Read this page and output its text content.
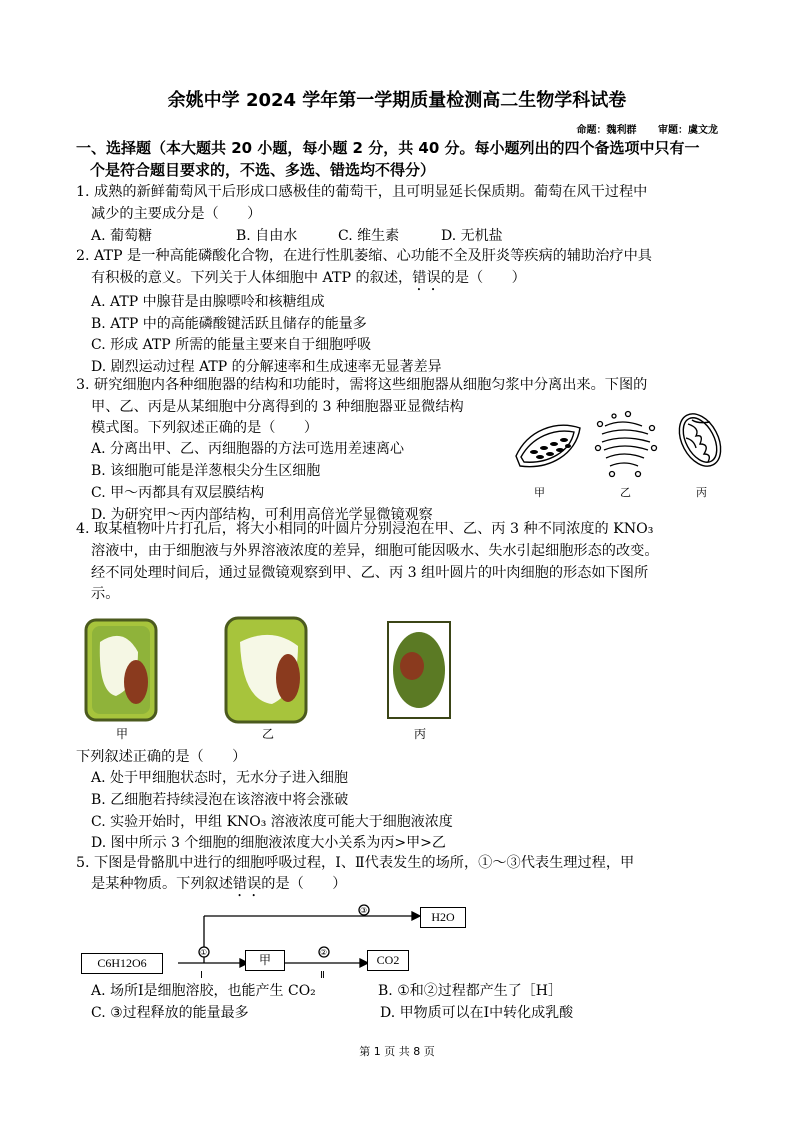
余姚中学 2024 学年第一学期质量检测高二生物学科试卷
命题：魏利群 审题：虞文龙
一、选择题（本大题共 20 小题，每小题 2 分，共 40 分。每小题列出的四个备选项中只有一
个是符合题目要求的，不选、多选、错选均不得分）
1. 成熟的新鲜葡萄风干后形成口感极佳的葡萄干，且可明显延长保质期。葡萄在风干过程中
减少的主要成分是（　　）
A. 葡萄糖	B. 自由水	C. 维生素	D. 无机盐
2. ATP 是一种高能磷酸化合物，在进行性肌萎缩、心功能不全及肝炎等疾病的辅助治疗中具
有积极的意义。下列关于人体细胞中 ATP 的叙述，错误的是（　　）
A. ATP 中腺苷是由腺嘌呤和核糖组成
B. ATP 中的高能磷酸键活跃且储存的能量多
C. 形成 ATP 所需的能量主要来自于细胞呼吸
D. 剧烈运动过程 ATP 的分解速率和生成速率无显著差异
3. 研究细胞内各种细胞器的结构和功能时，需将这些细胞器从细胞匀浆中分离出来。下图的
甲、乙、丙是从某细胞中分离得到的 3 种细胞器亚显微结构
模式图。下列叙述正确的是（　　）
A. 分离出甲、乙、丙细胞器的方法可选用差速离心
B. 该细胞可能是洋葱根尖分生区细胞
C. 甲～丙都具有双层膜结构
D. 为研究甲～丙内部结构，可利用高倍光学显微镜观察
甲	乙	丙
4. 取某植物叶片打孔后，将大小相同的叶圆片分别浸泡在甲、乙、丙 3 种不同浓度的 KNO₃
溶液中，由于细胞液与外界溶液浓度的差异，细胞可能因吸水、失水引起细胞形态的改变。
经不同处理时间后，通过显微镜观察到甲、乙、丙 3 组叶圆片的叶肉细胞的形态如下图所
示。
甲	乙	丙
下列叙述正确的是（　　）
A. 处于甲细胞状态时，无水分子进入细胞
B. 乙细胞若持续浸泡在该溶液中将会涨破
C. 实验开始时，甲组 KNO₃ 溶液浓度可能大于细胞液浓度
D. 图中所示 3 个细胞的细胞液浓度大小关系为丙>甲>乙
5. 下图是骨骼肌中进行的细胞呼吸过程，Ⅰ、Ⅱ代表发生的场所，①～③代表生理过程，甲
是某种物质。下列叙述错误的是（　　）
①	②
③
Ⅰ	Ⅱ
C6H12O6	甲	CO2
H2O
A. 场所Ⅰ是细胞溶胶，也能产生 CO₂	B. ①和②过程都产生了［H］
C. ③过程释放的能量最多	D. 甲物质可以在Ⅰ中转化成乳酸
第 1 页 共 8 页
